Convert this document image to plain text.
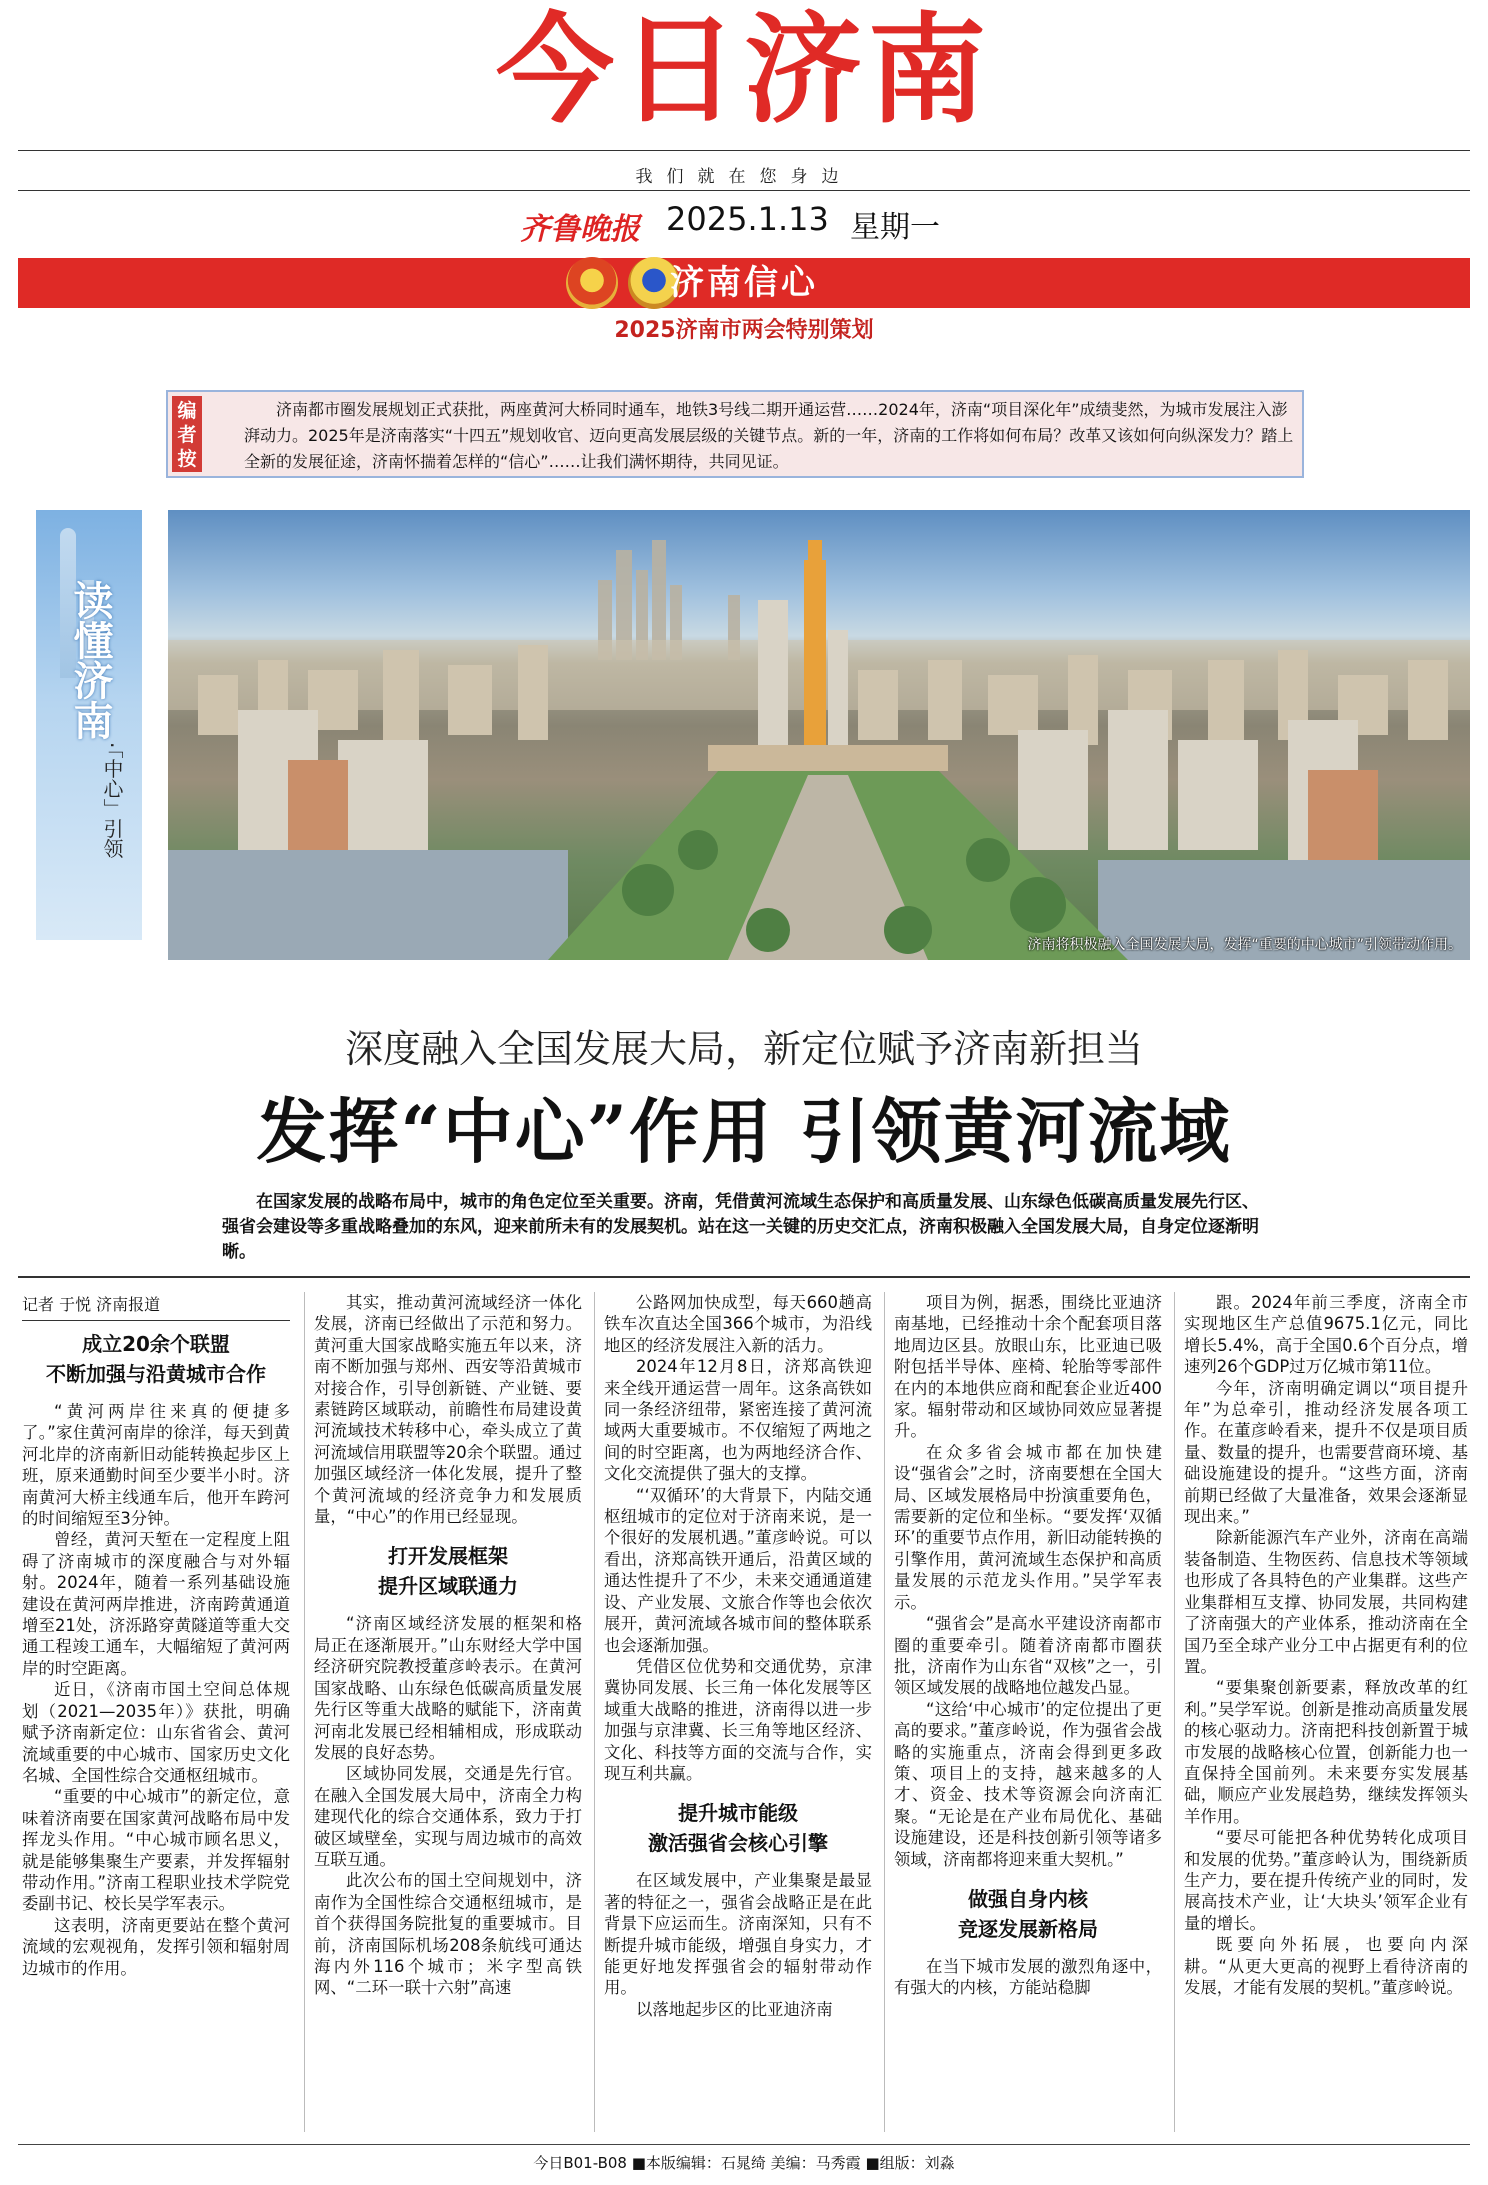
今日济南
我们就在您身边
齐鲁晚报 2025.1.13 星期一
济南信心
2025济南市两会特别策划
编者按
济南都市圈发展规划正式获批，两座黄河大桥同时通车，地铁3号线二期开通运营……2024年，济南“项目深化年”成绩斐然，为城市发展注入澎湃动力。2025年是济南落实“十四五”规划收官、迈向更高发展层级的关键节点。新的一年，济南的工作将如何布局？改革又该如何向纵深发力？踏上全新的发展征途，济南怀揣着怎样的“信心”……让我们满怀期待，共同见证。
读懂济南
·「中心」引领
济南将积极融入全国发展大局，发挥“重要的中心城市”引领带动作用。
深度融入全国发展大局，新定位赋予济南新担当
发挥“中心”作用 引领黄河流域
在国家发展的战略布局中，城市的角色定位至关重要。济南，凭借黄河流域生态保护和高质量发展、山东绿色低碳高质量发展先行区、强省会建设等多重战略叠加的东风，迎来前所未有的发展契机。站在这一关键的历史交汇点，济南积极融入全国发展大局，自身定位逐渐明晰。
记者 于悦 济南报道
成立20余个联盟
不断加强与沿黄城市合作

“黄河两岸往来真的便捷多了。”家住黄河南岸的徐洋，每天到黄河北岸的济南新旧动能转换起步区上班，原来通勤时间至少要半小时。济南黄河大桥主线通车后，他开车跨河的时间缩短至3分钟。

曾经，黄河天堑在一定程度上阻碍了济南城市的深度融合与对外辐射。2024年，随着一系列基础设施建设在黄河两岸推进，济南跨黄通道增至21处，济泺路穿黄隧道等重大交通工程竣工通车，大幅缩短了黄河两岸的时空距离。

近日，《济南市国土空间总体规划（2021—2035年）》获批，明确赋予济南新定位：山东省省会、黄河流域重要的中心城市、国家历史文化名城、全国性综合交通枢纽城市。

“重要的中心城市”的新定位，意味着济南要在国家黄河战略布局中发挥龙头作用。“中心城市顾名思义，就是能够集聚生产要素，并发挥辐射带动作用。”济南工程职业技术学院党委副书记、校长吴学军表示。

这表明，济南更要站在整个黄河流域的宏观视角，发挥引领和辐射周边城市的作用。

其实，推动黄河流域经济一体化发展，济南已经做出了示范和努力。黄河重大国家战略实施五年以来，济南不断加强与郑州、西安等沿黄城市对接合作，引导创新链、产业链、要素链跨区域联动，前瞻性布局建设黄河流域技术转移中心，牵头成立了黄河流域信用联盟等20余个联盟。通过加强区域经济一体化发展，提升了整个黄河流域的经济竞争力和发展质量，“中心”的作用已经显现。

打开发展框架
提升区域联通力

“济南区域经济发展的框架和格局正在逐渐展开。”山东财经大学中国经济研究院教授董彦岭表示。在黄河国家战略、山东绿色低碳高质量发展先行区等重大战略的赋能下，济南黄河南北发展已经相辅相成，形成联动发展的良好态势。

区域协同发展，交通是先行官。在融入全国发展大局中，济南全力构建现代化的综合交通体系，致力于打破区域壁垒，实现与周边城市的高效互联互通。

此次公布的国土空间规划中，济南作为全国性综合交通枢纽城市，是首个获得国务院批复的重要城市。目前，济南国际机场208条航线可通达海内外116个城市；米字型高铁网、“二环一联十六射”高速

公路网加快成型，每天660趟高铁车次直达全国366个城市，为沿线地区的经济发展注入新的活力。

2024年12月8日，济郑高铁迎来全线开通运营一周年。这条高铁如同一条经济纽带，紧密连接了黄河流域两大重要城市。不仅缩短了两地之间的时空距离，也为两地经济合作、文化交流提供了强大的支撑。

“‘双循环’的大背景下，内陆交通枢纽城市的定位对于济南来说，是一个很好的发展机遇。”董彦岭说。可以看出，济郑高铁开通后，沿黄区域的通达性提升了不少，未来交通通道建设、产业发展、文旅合作等也会依次展开，黄河流域各城市间的整体联系也会逐渐加强。

凭借区位优势和交通优势，京津冀协同发展、长三角一体化发展等区域重大战略的推进，济南得以进一步加强与京津冀、长三角等地区经济、文化、科技等方面的交流与合作，实现互利共赢。

提升城市能级
激活强省会核心引擎

在区域发展中，产业集聚是最显著的特征之一，强省会战略正是在此背景下应运而生。济南深知，只有不断提升城市能级，增强自身实力，才能更好地发挥强省会的辐射带动作用。

以落地起步区的比亚迪济南

项目为例，据悉，围绕比亚迪济南基地，已经推动十余个配套项目落地周边区县。放眼山东，比亚迪已吸附包括半导体、座椅、轮胎等零部件在内的本地供应商和配套企业近400家。辐射带动和区域协同效应显著提升。

在众多省会城市都在加快建设“强省会”之时，济南要想在全国大局、区域发展格局中扮演重要角色，需要新的定位和坐标。“要发挥‘双循环’的重要节点作用，新旧动能转换的引擎作用，黄河流域生态保护和高质量发展的示范龙头作用。”吴学军表示。

“强省会”是高水平建设济南都市圈的重要牵引。随着济南都市圈获批，济南作为山东省“双核”之一，引领区域发展的战略地位越发凸显。

“这给‘中心城市’的定位提出了更高的要求。”董彦岭说，作为强省会战略的实施重点，济南会得到更多政策、项目上的支持，越来越多的人才、资金、技术等资源会向济南汇聚。“无论是在产业布局优化、基础设施建设，还是科技创新引领等诸多领域，济南都将迎来重大契机。”

做强自身内核
竞逐发展新格局

在当下城市发展的激烈角逐中，有强大的内核，方能站稳脚

跟。2024年前三季度，济南全市实现地区生产总值9675.1亿元，同比增长5.4%，高于全国0.6个百分点，增速列26个GDP过万亿城市第11位。

今年，济南明确定调以“项目提升年”为总牵引，推动经济发展各项工作。在董彦岭看来，提升不仅是项目质量、数量的提升，也需要营商环境、基础设施建设的提升。“这些方面，济南前期已经做了大量准备，效果会逐渐显现出来。”

除新能源汽车产业外，济南在高端装备制造、生物医药、信息技术等领域也形成了各具特色的产业集群。这些产业集群相互支撑、协同发展，共同构建了济南强大的产业体系，推动济南在全国乃至全球产业分工中占据更有利的位置。

“要集聚创新要素，释放改革的红利。”吴学军说。创新是推动高质量发展的核心驱动力。济南把科技创新置于城市发展的战略核心位置，创新能力也一直保持全国前列。未来要夯实发展基础，顺应产业发展趋势，继续发挥领头羊作用。

“要尽可能把各种优势转化成项目和发展的优势。”董彦岭认为，围绕新质生产力，要在提升传统产业的同时，发展高技术产业，让‘大块头’领军企业有量的增长。

既要向外拓展，也要向内深耕。“从更大更高的视野上看待济南的发展，才能有发展的契机。”董彦岭说。

今日B01-B08 ■本版编辑：石晁绮 美编：马秀霞 ■组版：刘淼
